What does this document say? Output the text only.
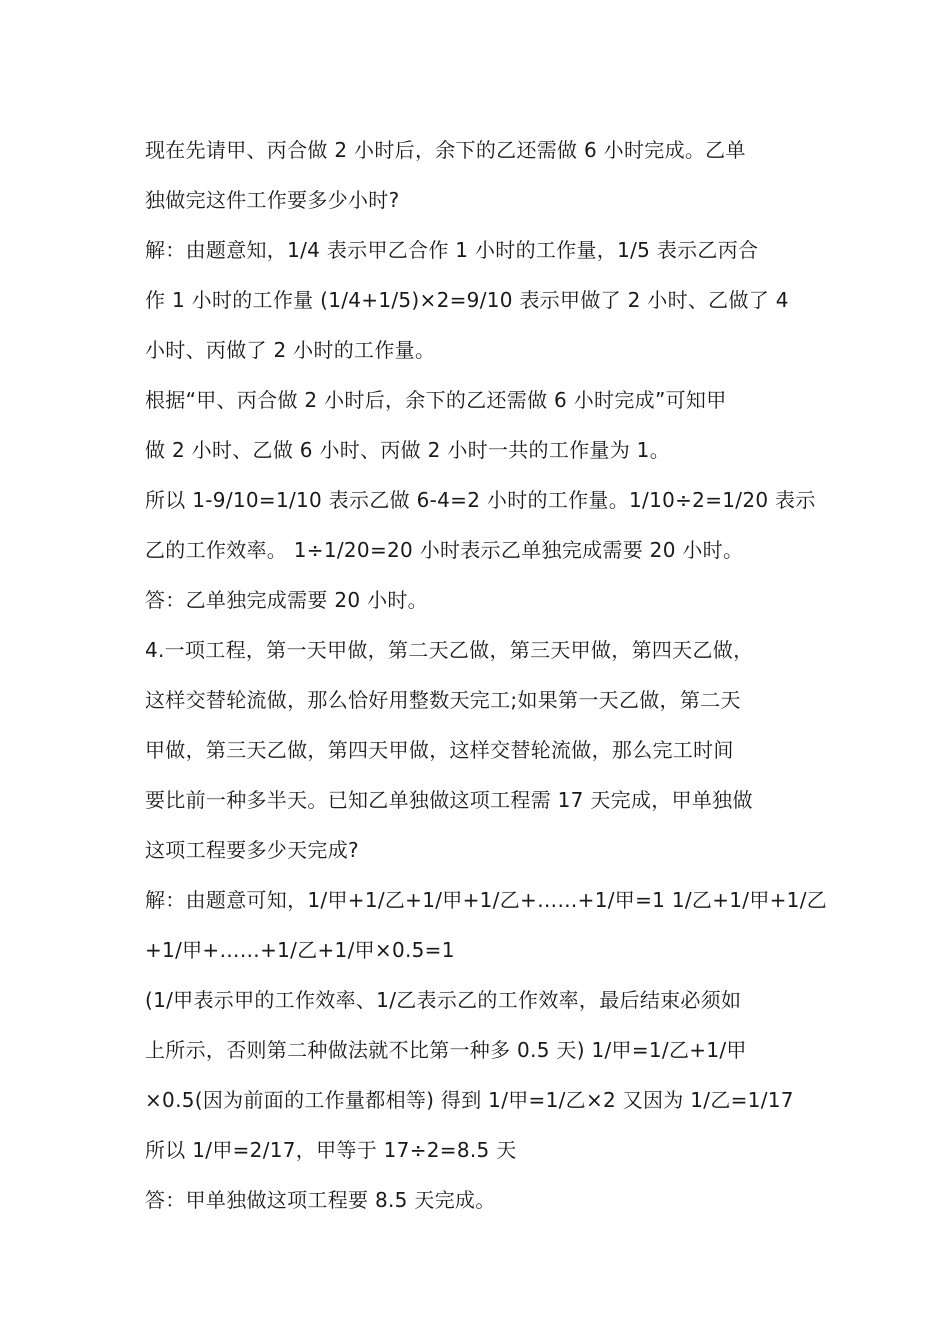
现在先请甲、丙合做 2 小时后，余下的乙还需做 6 小时完成。乙单
独做完这件工作要多少小时?
解：由题意知，1/4 表示甲乙合作 1 小时的工作量，1/5 表示乙丙合
作 1 小时的工作量 (1/4+1/5)×2=9/10 表示甲做了 2 小时、乙做了 4
小时、丙做了 2 小时的工作量。
根据“甲、丙合做 2 小时后，余下的乙还需做 6 小时完成”可知甲
做 2 小时、乙做 6 小时、丙做 2 小时一共的工作量为 1。
所以 1-9/10=1/10 表示乙做 6-4=2 小时的工作量。1/10÷2=1/20 表示
乙的工作效率。 1÷1/20=20 小时表示乙单独完成需要 20 小时。
答：乙单独完成需要 20 小时。
4.一项工程，第一天甲做，第二天乙做，第三天甲做，第四天乙做，
这样交替轮流做，那么恰好用整数天完工;如果第一天乙做，第二天
甲做，第三天乙做，第四天甲做，这样交替轮流做，那么完工时间
要比前一种多半天。已知乙单独做这项工程需 17 天完成，甲单独做
这项工程要多少天完成?
解：由题意可知，1/甲+1/乙+1/甲+1/乙+……+1/甲=1 1/乙+1/甲+1/乙
+1/甲+……+1/乙+1/甲×0.5=1
(1/甲表示甲的工作效率、1/乙表示乙的工作效率，最后结束必须如
上所示，否则第二种做法就不比第一种多 0.5 天) 1/甲=1/乙+1/甲
×0.5(因为前面的工作量都相等) 得到 1/甲=1/乙×2 又因为 1/乙=1/17
所以 1/甲=2/17，甲等于 17÷2=8.5 天
答：甲单独做这项工程要 8.5 天完成。
